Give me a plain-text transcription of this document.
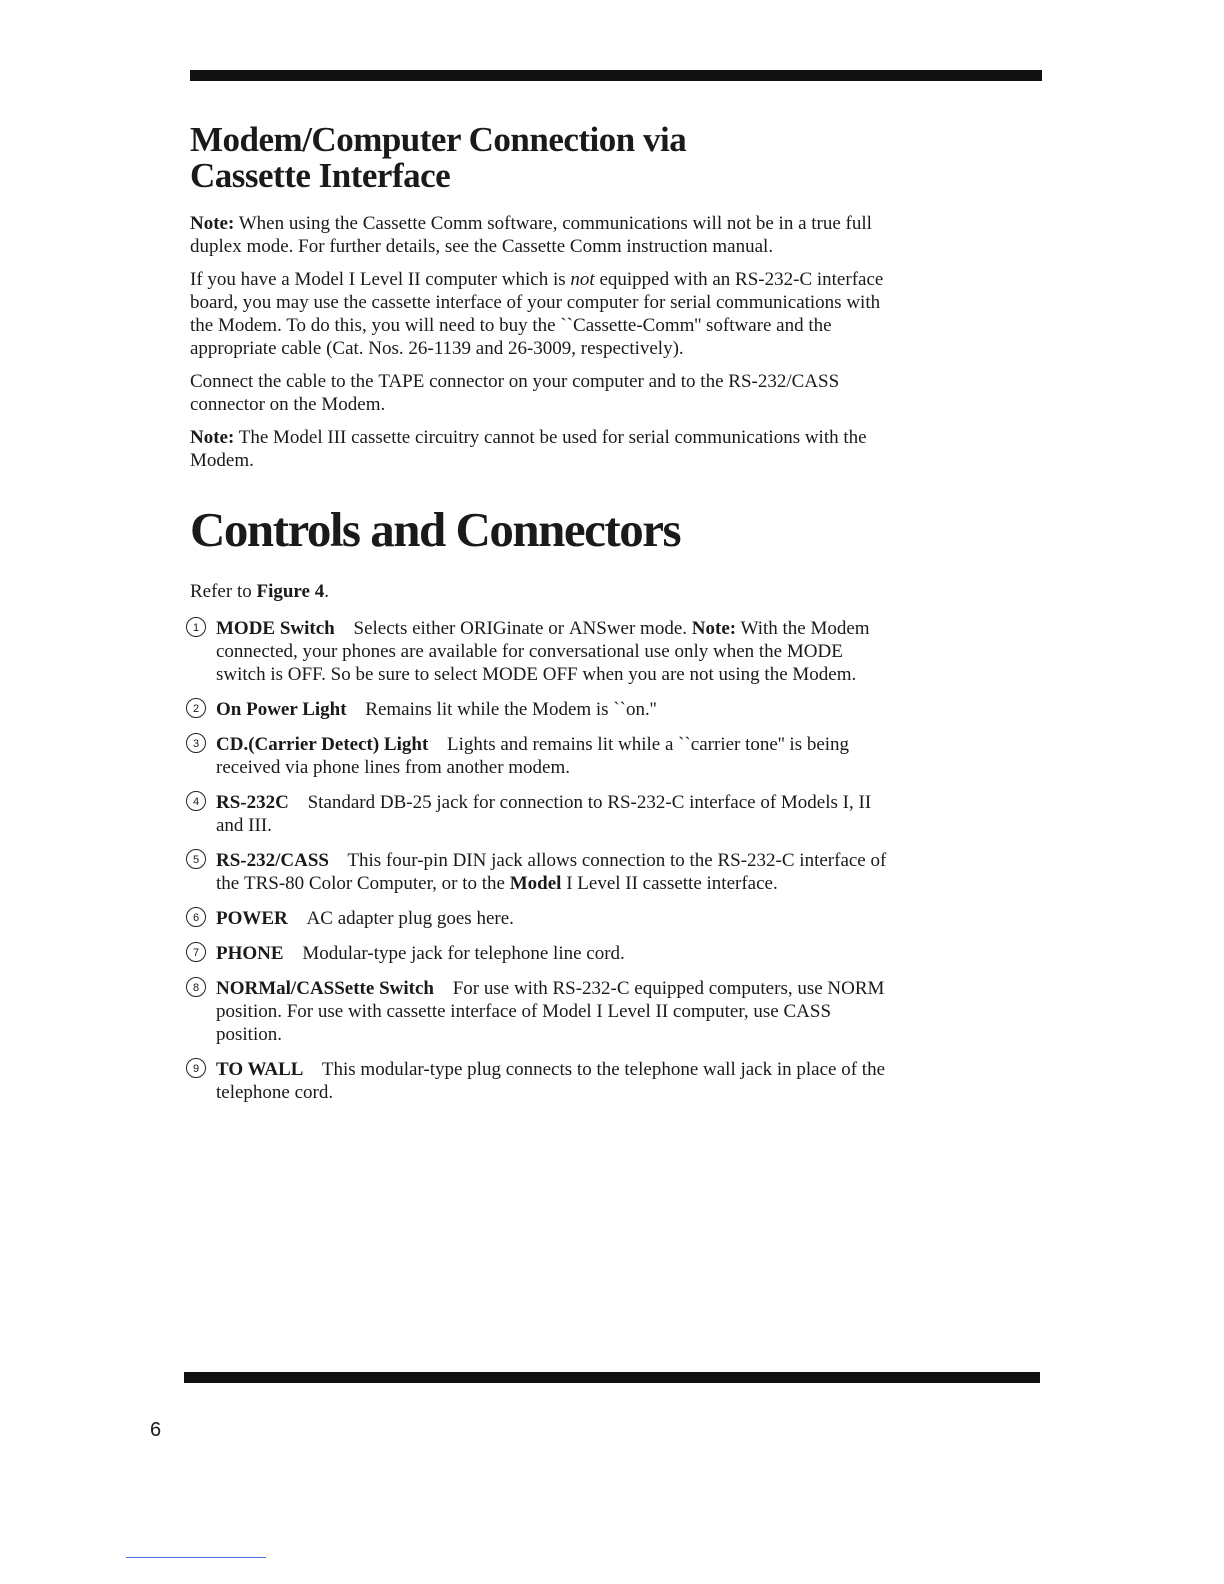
Modem/Computer Connection via
Cassette Interface

Note: When using the Cassette Comm software, communications will not be in a true full duplex mode. For further details, see the Cassette Comm instruction manual.

If you have a Model I Level II computer which is not equipped with an RS-232-C interface board, you may use the cassette interface of your computer for serial communications with the Modem. To do this, you will need to buy the ``Cassette-Comm'' software and the appropriate cable (Cat. Nos. 26-1139 and 26-3009, respectively).

Connect the cable to the TAPE connector on your computer and to the RS-232/CASS connector on the Modem.

Note: The Model III cassette circuitry cannot be used for serial communications with the Modem.

Controls and Connectors

Refer to Figure 4.

1 MODE Switch Selects either ORIGinate or ANSwer mode. Note: With the Modem connected, your phones are available for conversational use only when the MODE switch is OFF. So be sure to select MODE OFF when you are not using the Modem.
2 On Power Light Remains lit while the Modem is ``on.''
3 CD.(Carrier Detect) Light Lights and remains lit while a ``carrier tone'' is being received via phone lines from another modem.
4 RS-232C Standard DB-25 jack for connection to RS-232-C interface of Models I, II and III.
5 RS-232/CASS This four-pin DIN jack allows connection to the RS-232-C interface of the TRS-80 Color Computer, or to the Model I Level II cassette interface.
6 POWER AC adapter plug goes here.
7 PHONE Modular-type jack for telephone line cord.
8 NORMal/CASSette Switch For use with RS-232-C equipped computers, use NORM position. For use with cassette interface of Model I Level II computer, use CASS position.
9 TO WALL This modular-type plug connects to the telephone wall jack in place of the telephone cord.
6
